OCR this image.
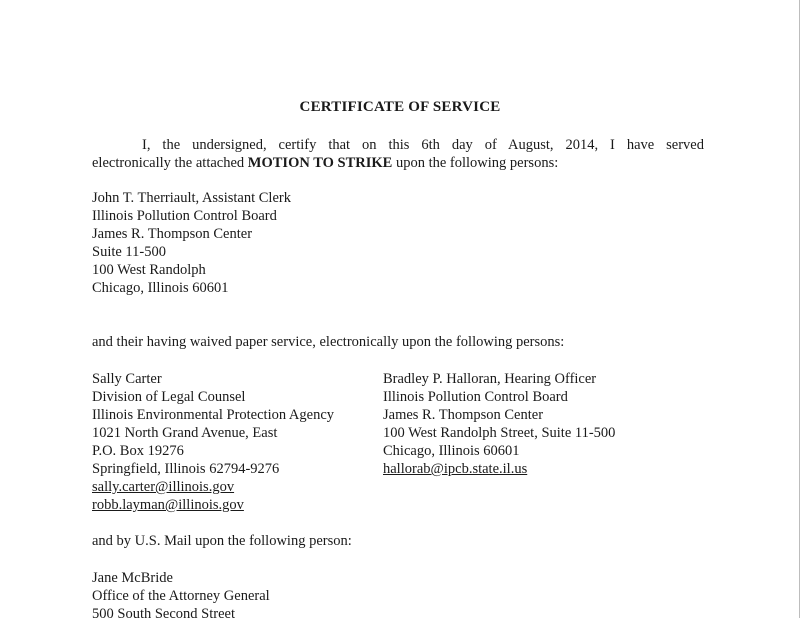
CERTIFICATE OF SERVICE
I, the undersigned, certify that on this 6th day of August, 2014, I have served
electronically the attached MOTION TO STRIKE upon the following persons:
John T. Therriault, Assistant Clerk
Illinois Pollution Control Board
James R. Thompson Center
Suite 11-500
100 West Randolph
Chicago, Illinois 60601
and their having waived paper service, electronically upon the following persons:
Sally Carter
Division of Legal Counsel
Illinois Environmental Protection Agency
1021 North Grand Avenue, East
P.O. Box 19276
Springfield, Illinois 62794-9276
sally.carter@illinois.gov
robb.layman@illinois.gov
Bradley P. Halloran, Hearing Officer
Illinois Pollution Control Board
James R. Thompson Center
100 West Randolph Street, Suite 11-500
Chicago, Illinois 60601
hallorab@ipcb.state.il.us
and by U.S. Mail upon the following person:
Jane McBride
Office of the Attorney General
500 South Second Street
